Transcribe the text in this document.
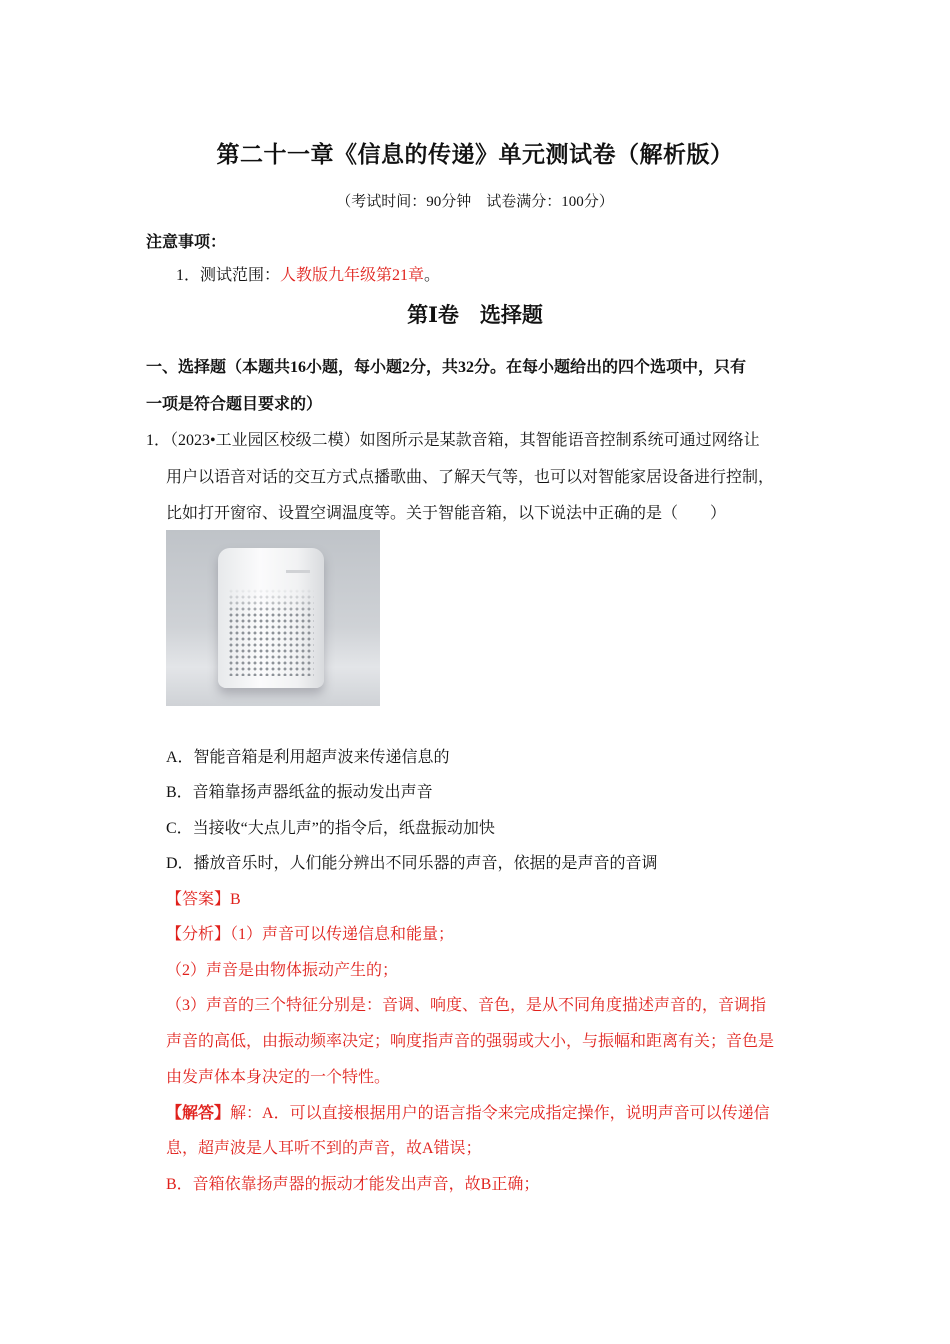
第二十一章《信息的传递》单元测试卷（解析版）
（考试时间：90分钟　试卷满分：100分）
注意事项：
1．测试范围：人教版九年级第21章。
第Ⅰ卷　选择题
一、选择题（本题共16小题，每小题2分，共32分。在每小题给出的四个选项中，只有
一项是符合题目要求的）
1．（2023•工业园区校级二模）如图所示是某款音箱，其智能语音控制系统可通过网络让
用户以语音对话的交互方式点播歌曲、了解天气等，也可以对智能家居设备进行控制，
比如打开窗帘、设置空调温度等。关于智能音箱，以下说法中正确的是（　　）
A．智能音箱是利用超声波来传递信息的
B．音箱靠扬声器纸盆的振动发出声音
C．当接收“大点儿声”的指令后，纸盘振动加快
D．播放音乐时，人们能分辨出不同乐器的声音，依据的是声音的音调
【答案】B
【分析】（1）声音可以传递信息和能量；
（2）声音是由物体振动产生的；
（3）声音的三个特征分别是：音调、响度、音色，是从不同角度描述声音的，音调指
声音的高低，由振动频率决定；响度指声音的强弱或大小，与振幅和距离有关；音色是
由发声体本身决定的一个特性。
【解答】解：A．可以直接根据用户的语言指令来完成指定操作，说明声音可以传递信
息，超声波是人耳听不到的声音，故A错误；
B．音箱依靠扬声器的振动才能发出声音，故B正确；
